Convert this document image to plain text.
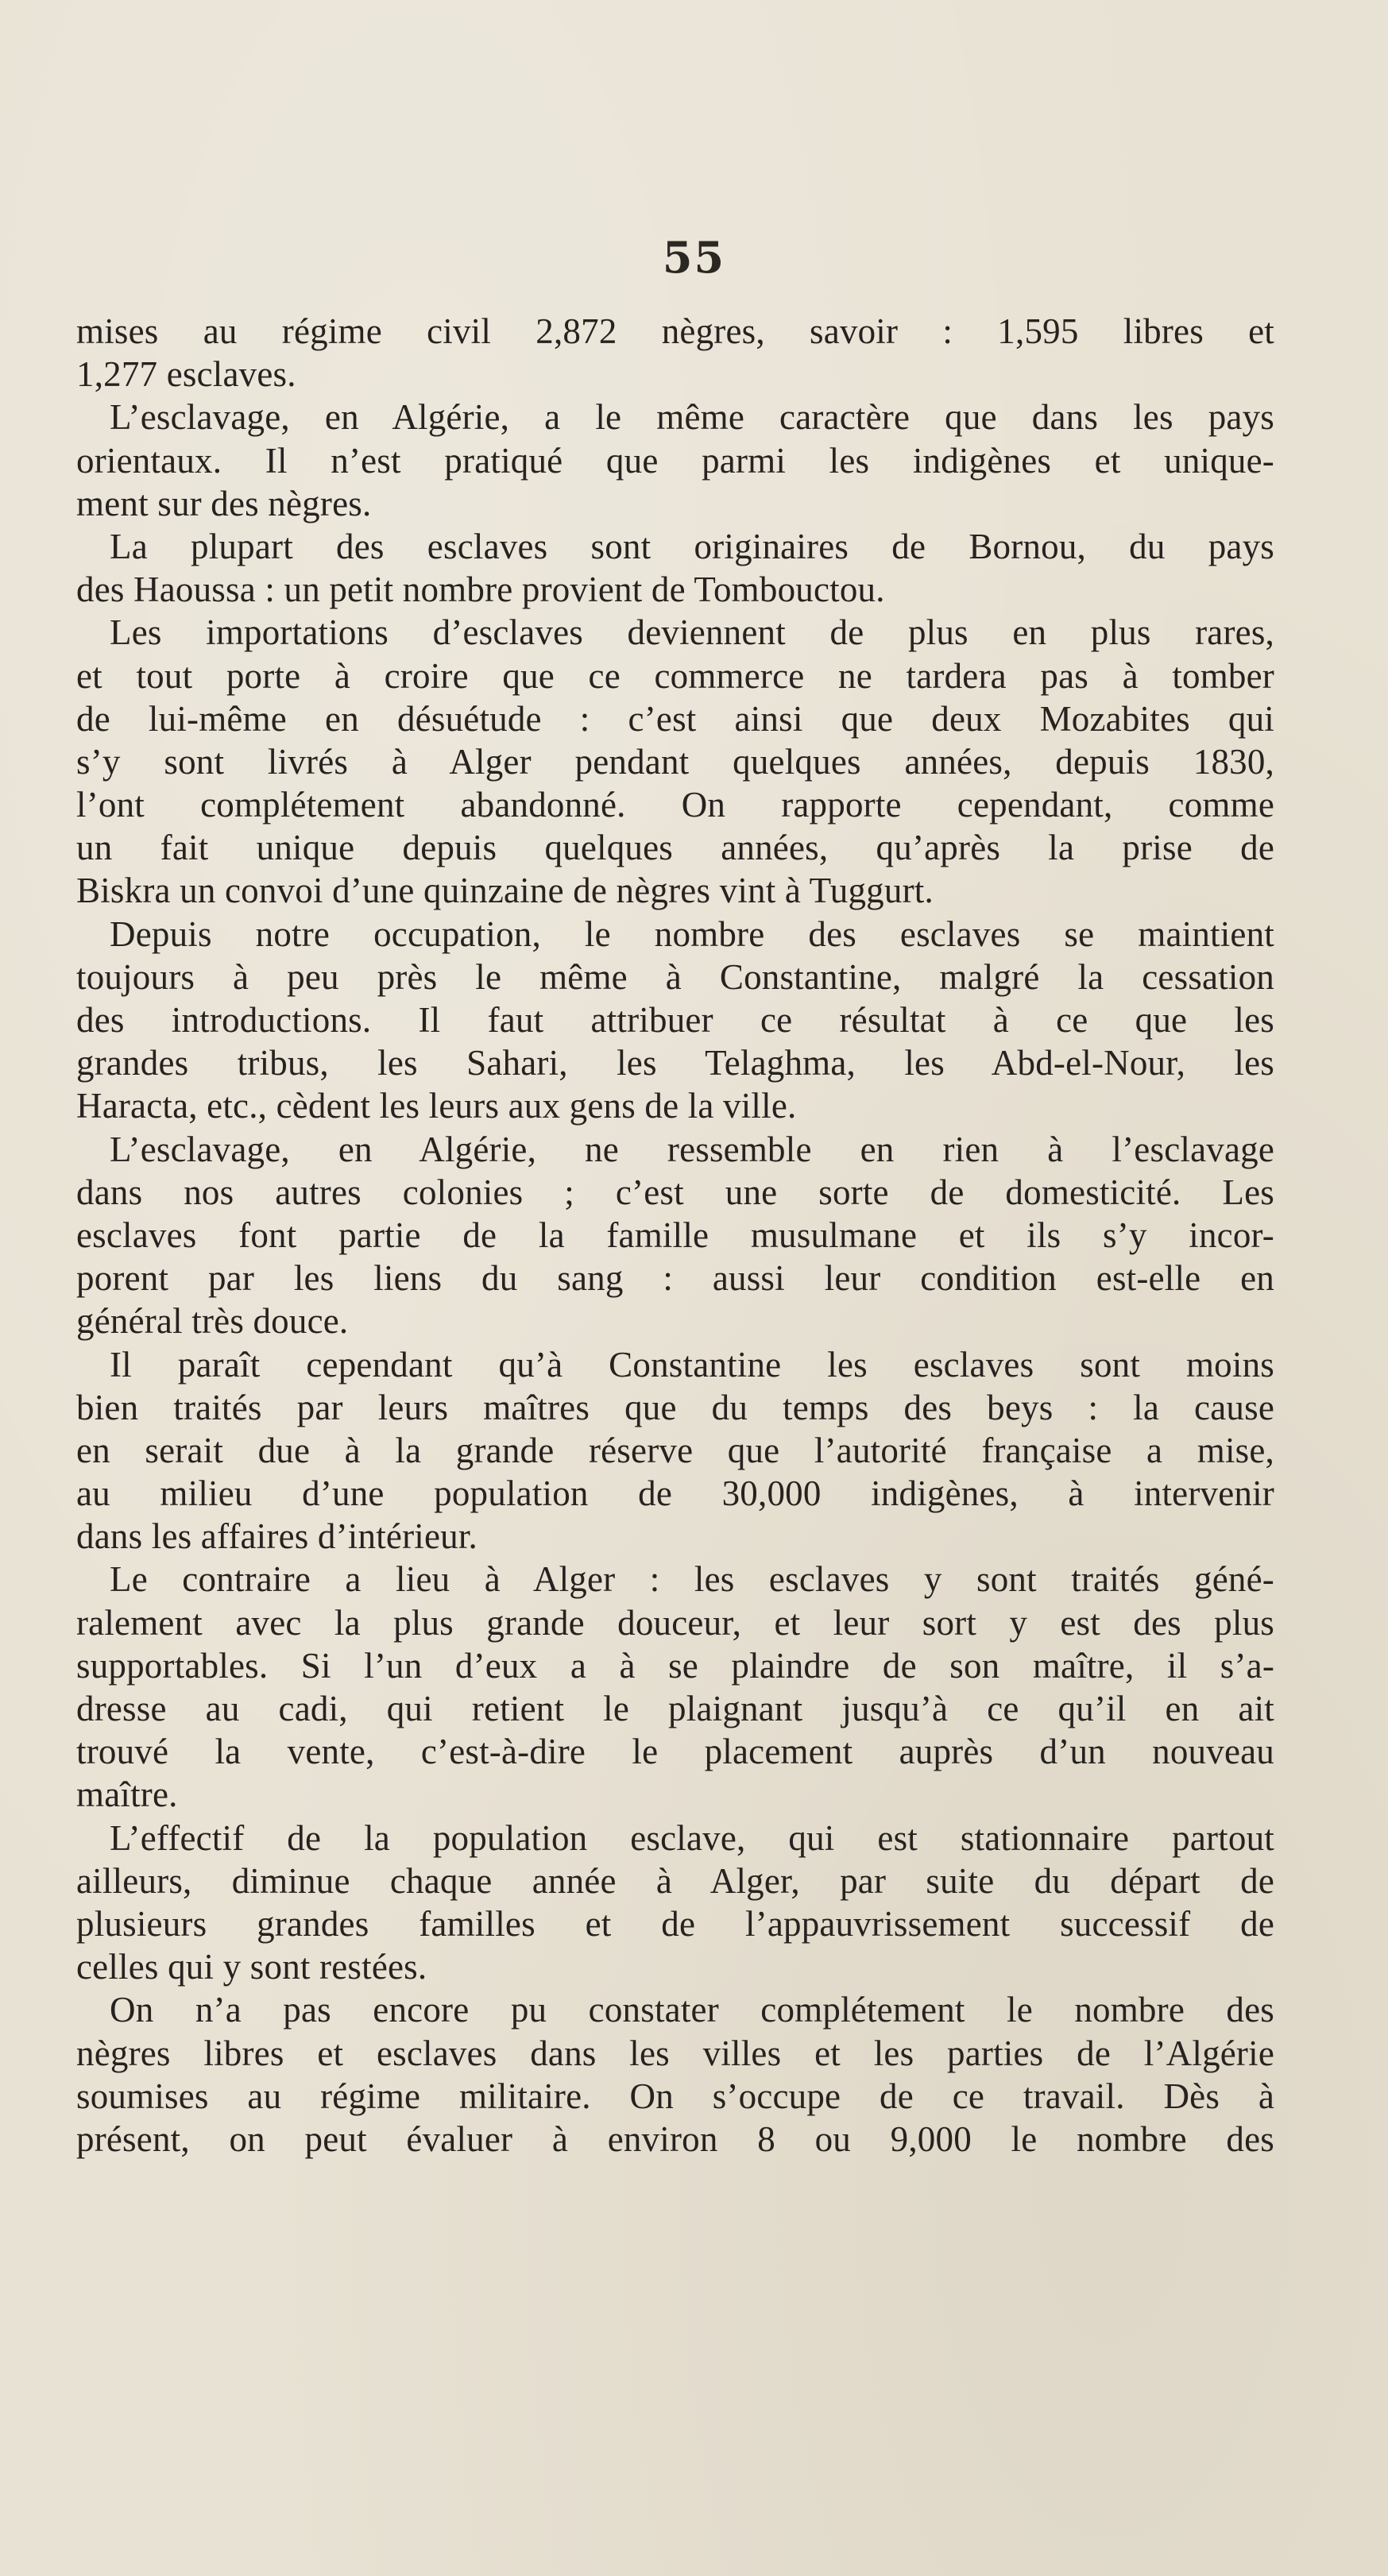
55
mises au régime civil 2,872 nègres, savoir : 1,595 libres et
1,277 esclaves.
L’esclavage, en Algérie, a le même caractère que dans les pays
orientaux. Il n’est pratiqué que parmi les indigènes et unique-
ment sur des nègres.
La plupart des esclaves sont originaires de Bornou, du pays
des Haoussa : un petit nombre provient de Tombouctou.
Les importations d’esclaves deviennent de plus en plus rares,
et tout porte à croire que ce commerce ne tardera pas à tomber
de lui-même en désuétude : c’est ainsi que deux Mozabites qui
s’y sont livrés à Alger pendant quelques années, depuis 1830,
l’ont complétement abandonné. On rapporte cependant, comme
un fait unique depuis quelques années, qu’après la prise de
Biskra un convoi d’une quinzaine de nègres vint à Tuggurt.
Depuis notre occupation, le nombre des esclaves se maintient
toujours à peu près le même à Constantine, malgré la cessation
des introductions. Il faut attribuer ce résultat à ce que les
grandes tribus, les Sahari, les Telaghma, les Abd-el-Nour, les
Haracta, etc., cèdent les leurs aux gens de la ville.
L’esclavage, en Algérie, ne ressemble en rien à l’esclavage
dans nos autres colonies ; c’est une sorte de domesticité. Les
esclaves font partie de la famille musulmane et ils s’y incor-
porent par les liens du sang : aussi leur condition est-elle en
général très douce.
Il paraît cependant qu’à Constantine les esclaves sont moins
bien traités par leurs maîtres que du temps des beys : la cause
en serait due à la grande réserve que l’autorité française a mise,
au milieu d’une population de 30,000 indigènes, à intervenir
dans les affaires d’intérieur.
Le contraire a lieu à Alger : les esclaves y sont traités géné-
ralement avec la plus grande douceur, et leur sort y est des plus
supportables. Si l’un d’eux a à se plaindre de son maître, il s’a-
dresse au cadi, qui retient le plaignant jusqu’à ce qu’il en ait
trouvé la vente, c’est-à-dire le placement auprès d’un nouveau
maître.
L’effectif de la population esclave, qui est stationnaire partout
ailleurs, diminue chaque année à Alger, par suite du départ de
plusieurs grandes familles et de l’appauvrissement successif de
celles qui y sont restées.
On n’a pas encore pu constater complétement le nombre des
nègres libres et esclaves dans les villes et les parties de l’Algérie
soumises au régime militaire. On s’occupe de ce travail. Dès à
présent, on peut évaluer à environ 8 ou 9,000 le nombre des
